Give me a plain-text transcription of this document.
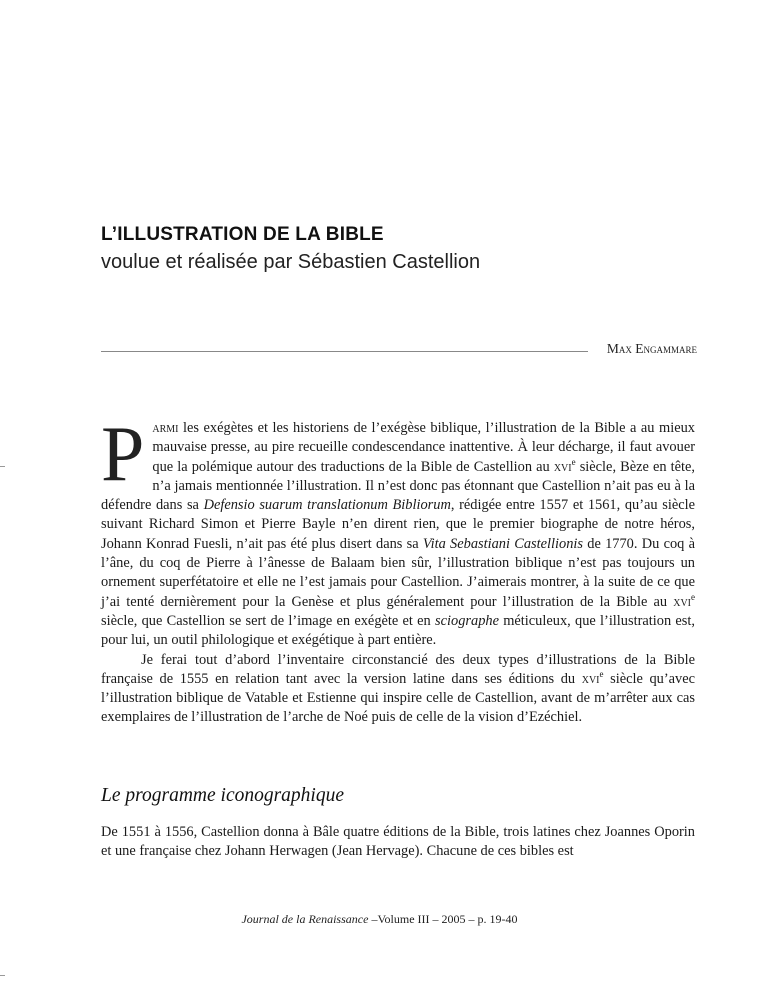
L’ILLUSTRATION DE LA BIBLE
voulue et réalisée par Sébastien Castellion
Max Engammare

Parmi les exégètes et les historiens de l’exégèse biblique, l’illustration de la Bible a au mieux mauvaise presse, au pire recueille condescendance inattentive. À leur décharge, il faut avouer que la polémique autour des traductions de la Bible de Castellion au xvi$^e$ siècle, Bèze en tête, n’a jamais mentionnée l’illustration. Il n’est donc pas étonnant que Castellion n’ait pas eu à la défendre dans sa Defensio suarum translationum Bibliorum, rédigée entre 1557 et 1561, qu’au siècle suivant Richard Simon et Pierre Bayle n’en dirent rien, que le premier biographe de notre héros, Johann Konrad Fuesli, n’ait pas été plus disert dans sa Vita Sebastiani Castellionis de 1770. Du coq à l’âne, du coq de Pierre à l’ânesse de Balaam bien sûr, l’illustration biblique n’est pas toujours un ornement superfétatoire et elle ne l’est jamais pour Castellion. J’aimerais montrer, à la suite de ce que j’ai tenté dernièrement pour la Genèse et plus généralement pour l’illustration de la Bible au xvi$^e$ siècle, que Castellion se sert de l’image en exégète et en sciographe méticuleux, que l’illustration est, pour lui, un outil philologique et exégétique à part entière.

Je ferai tout d’abord l’inventaire circonstancié des deux types d’illustrations de la Bible française de 1555 en relation tant avec la version latine dans ses éditions du xvi$^e$ siècle qu’avec l’illustration biblique de Vatable et Estienne qui inspire celle de Castellion, avant de m’arrêter aux cas exemplaires de l’illustration de l’arche de Noé puis de celle de la vision d’Ezéchiel.

Le programme iconographique

De 1551 à 1556, Castellion donna à Bâle quatre éditions de la Bible, trois latines chez Joannes Oporin et une française chez Johann Herwagen (Jean Hervage). Chacune de ces bibles est

Journal de la Renaissance –Volume III – 2005 – p. 19-40
